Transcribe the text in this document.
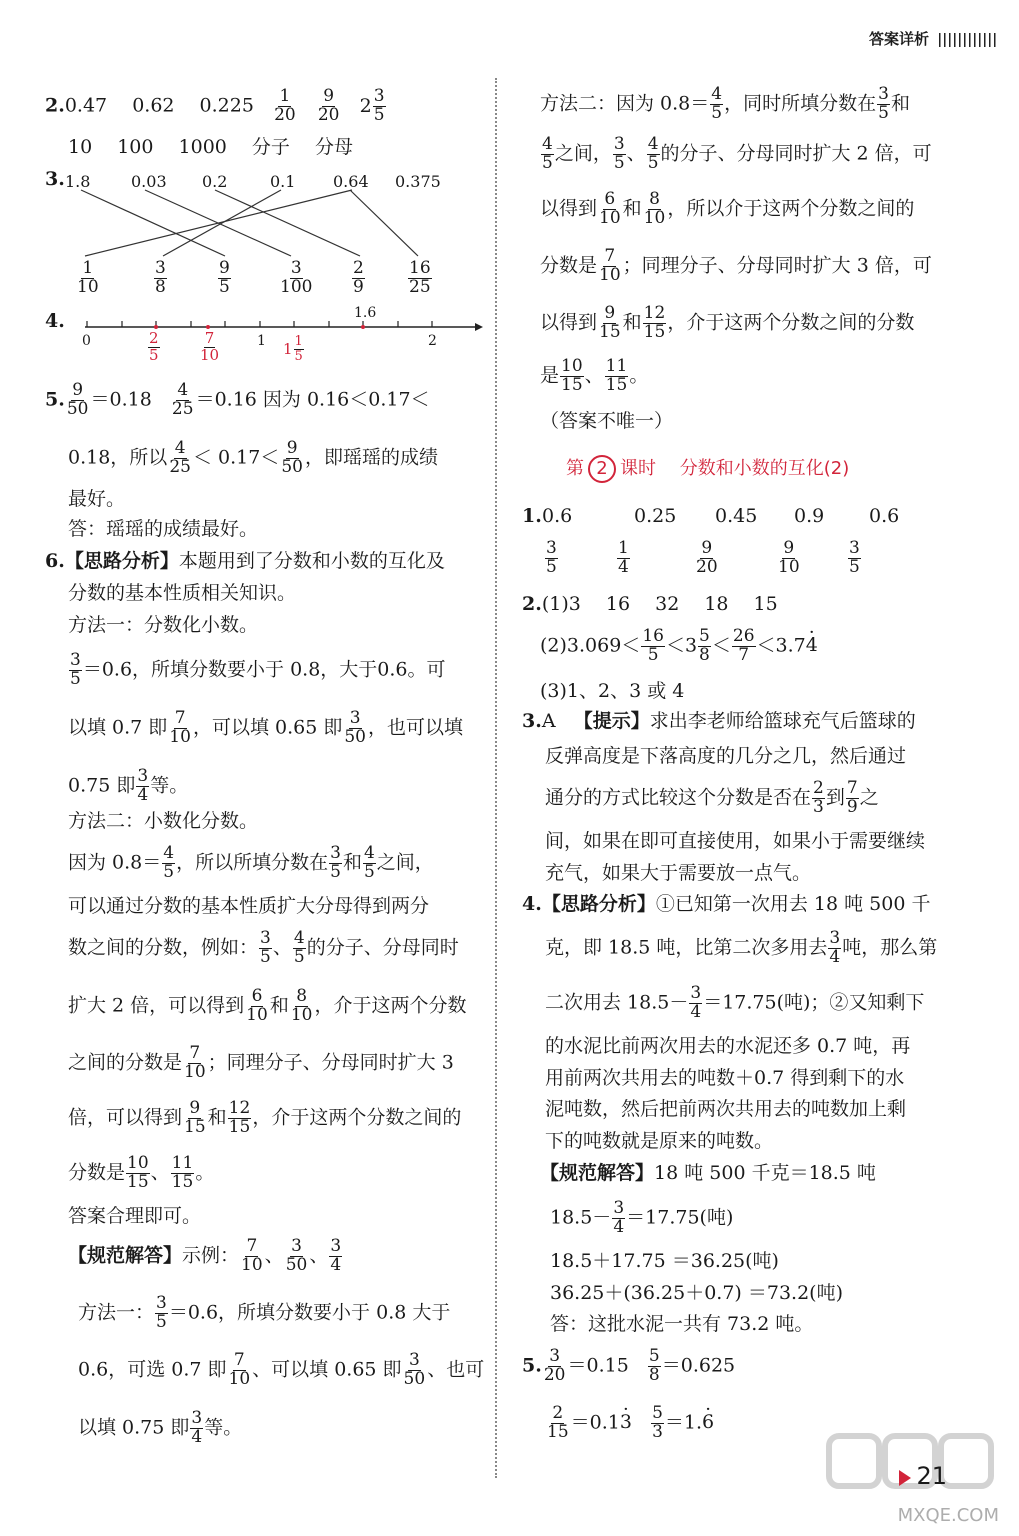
答案详析
2.0.47　 0.62　 $0.225 \frac{1}{20}$
$\frac{9}{20}$
$2 \frac{3}{5}$
10　 100　 1000　 分子　 分母
3. 1.8	0.03 0.2	0.1 0.64 0.375
$\frac{1}{10}$	$\frac{3}{8}$	$\frac{9}{5}$	$\frac{3}{100} \frac{2}{9}$	$\frac{16}{25}$
4.
0	1	2
1.6
$\frac{2}{5}$	$\frac{7}{10}$	$1 \frac{1}{5}$
5. $\frac{9}{50} =0.18 \frac{4}{25} =0.16$ 因为 0.16＜0.17＜
0.18，所以 $\frac{4}{25} < 0.17< \frac{9}{50}$ ，即瑶瑶的成绩
最好。
答：瑶瑶的成绩最好。
6.【思路分析】本题用到了分数和小数的互化及
分数的基本性质相关知识。
方法一：分数化小数。
$\frac{3}{5} =0.6$，所填分数要小于 0.8，大于0.6。可
以填 0.7 即 $\frac{7}{10}$ ，可以填 0.65 即 $\frac{3}{50}$ ，也可以填
0.75 即 $\frac{3}{4}$ 等。
方法二：小数化分数。
因为 $0.8= \frac{4}{5}$ ，所以所填分数在 $\frac{3}{5}$ 和 $\frac{4}{5}$ 之间，
可以通过分数的基本性质扩大分母得到两分
数之间的分数，例如： $\frac{3}{5}$ 、 $\frac{4}{5}$ 的分子、分母同时
扩大 2 倍，可以得到 $\frac{6}{10}$ 和 $\frac{8}{10}$ ，介于这两个分数
之间的分数是 $\frac{7}{10}$ ；同理分子、分母同时扩大 3
倍，可以得到 $\frac{9}{15}$ 和 $\frac{12}{15}$ ，介于这两个分数之间的
分数是 $\frac{10}{15}$ 、 $\frac{11}{15}$ 。
答案合理即可。
【规范解答】示例： $\frac{7}{10}$ 、 $\frac{3}{50}$ 、 $\frac{3}{4}$
方法一： $\frac{3}{5} =0.6$，所填分数要小于 0.8 大于
0.6，可选 0.7 即 $\frac{7}{10}$ 、可以填 0.65 即 $\frac{3}{50}$ 、也可
以填 0.75 即 $\frac{3}{4}$ 等。
方法二：因为 $0.8= \frac{4}{5}$ ，同时所填分数在 $\frac{3}{5}$ 和
$\frac{4}{5}$ 之间， $\frac{3}{5}$ 、 $\frac{4}{5}$ 的分子、分母同时扩大 2 倍，可
以得到 $\frac{6}{10}$ 和 $\frac{8}{10}$ ，所以介于这两个分数之间的
分数是 $\frac{7}{10}$ ；同理分子、分母同时扩大 3 倍，可
以得到 $\frac{9}{15}$ 和 $\frac{12}{15}$ ，介于这两个分数之间的分数
是 $\frac{10}{15}$ 、 $\frac{11}{15}$ 。
（答案不唯一）
第 2 课时　 分数和小数的互化(2)
1. 0.6	0.25 0.45 0.9 0.6
$\frac{3}{5}$	$\frac{1}{4}$	$\frac{9}{20}$	$\frac{9}{10}$	$\frac{3}{5}$
2.(1)3　 16　 32　 18　 15
$(2)3.069< \frac{16}{5} <3 \frac{5}{8} < \frac{26}{7} <3.7\cdot 4$
(3)1、2、3 或 4
3.A 【提示】求出李老师给篮球充气后篮球的
反弹高度是下落高度的几分之几，然后通过
通分的方式比较这个分数是否在 $\frac{2}{3}$ 到 $\frac{7}{9}$ 之
间，如果在即可直接使用，如果小于需要继续
充气，如果大于需要放一点气。
4.【思路分析】①已知第一次用去 18 吨 500 千
克，即 18.5 吨，比第二次多用去 $\frac{3}{4}$ 吨，那么第
二次用去 $18.5- \frac{3}{4} =17.75$(吨)；②又知剩下
的水泥比前两次用去的水泥还多 0.7 吨，再
用前两次共用去的吨数＋0.7 得到剩下的水
泥吨数，然后把前两次共用去的吨数加上剩
下的吨数就是原来的吨数。
【规范解答】18 吨 500 千克＝18.5 吨
$18.5- \frac{3}{4} =17.75$(吨)
18.5＋17.75 ＝36.25(吨)
36.25＋(36.25＋0.7) ＝73.2(吨)
答：这批水泥一共有 73.2 吨。
5. $\frac{3}{20} =0.15 \frac{5}{8} =0.625$
$\frac{2}{15} =0.1\cdot 3 \frac{5}{3} =1.\cdot 6$
21
MXQE.COM
